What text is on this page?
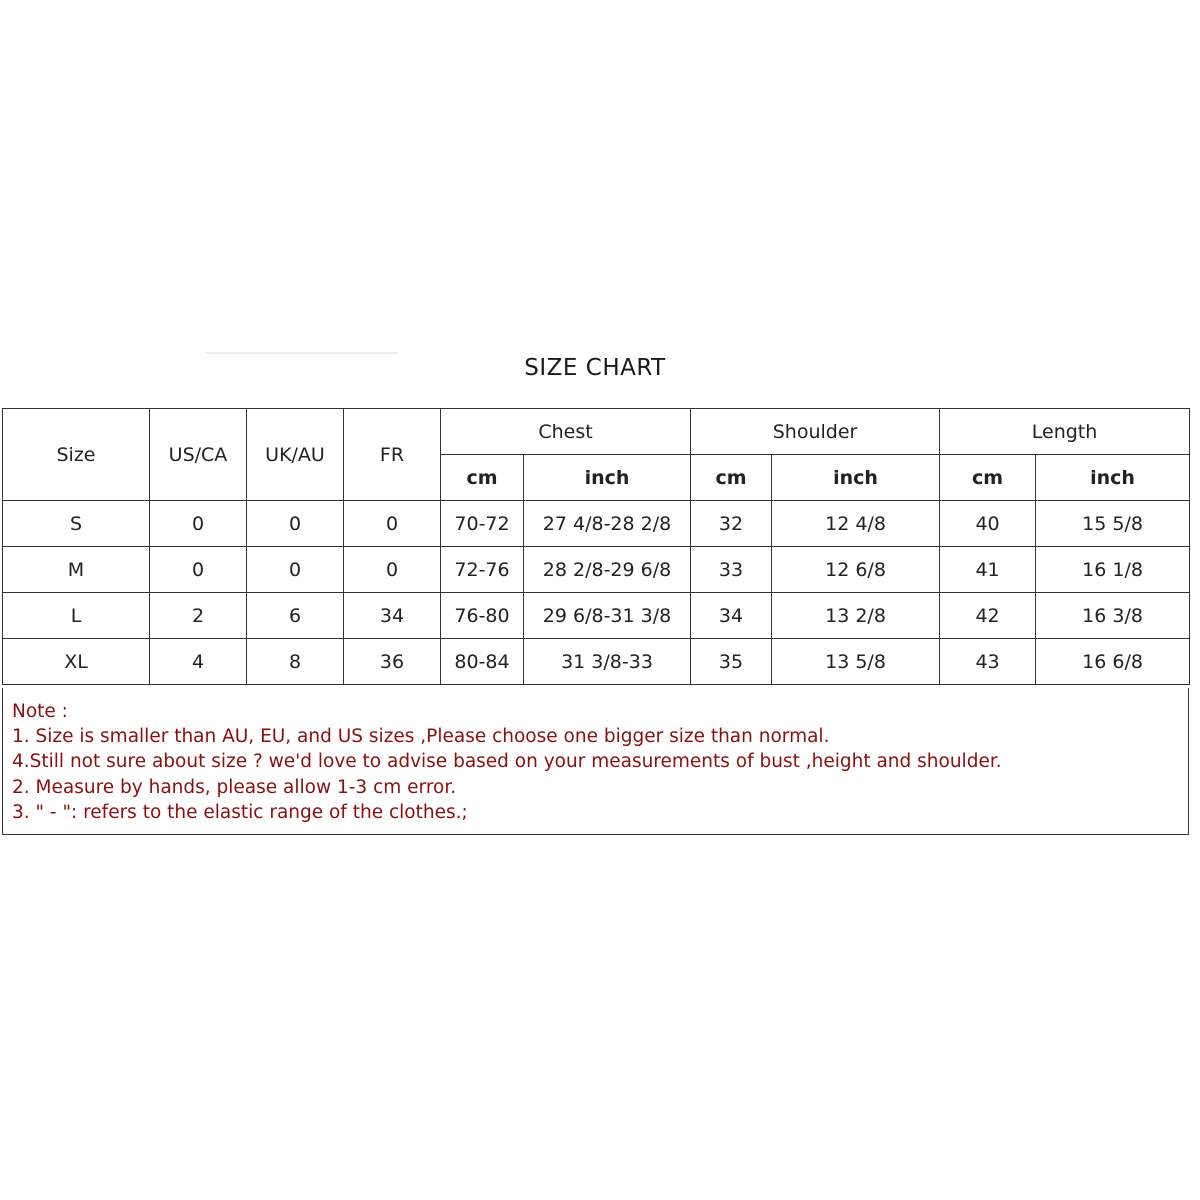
SIZE CHART
Size	US/CA	UK/AU	FR	Chest		Shoulder		Length	
				cm	inch	cm	inch	cm	inch
S	0	0	0	70-72	27 4/8-28 2/8	32	12 4/8	40	15 5/8
M	0	0	0	72-76	28 2/8-29 6/8	33	12 6/8	41	16 1/8
L	2	6	34	76-80	29 6/8-31 3/8	34	13 2/8	42	16 3/8
XL	4	8	36	80-84	31 3/8-33	35	13 5/8	43	16 6/8
Note :
1. Size is smaller than AU, EU, and US sizes ,Please choose one bigger size than normal.
4.Still not sure about size ? we'd love to advise based on your measurements of bust ,height and shoulder.
2. Measure by hands, please allow 1-3 cm error.
3. " - ": refers to the elastic range of the clothes.;
